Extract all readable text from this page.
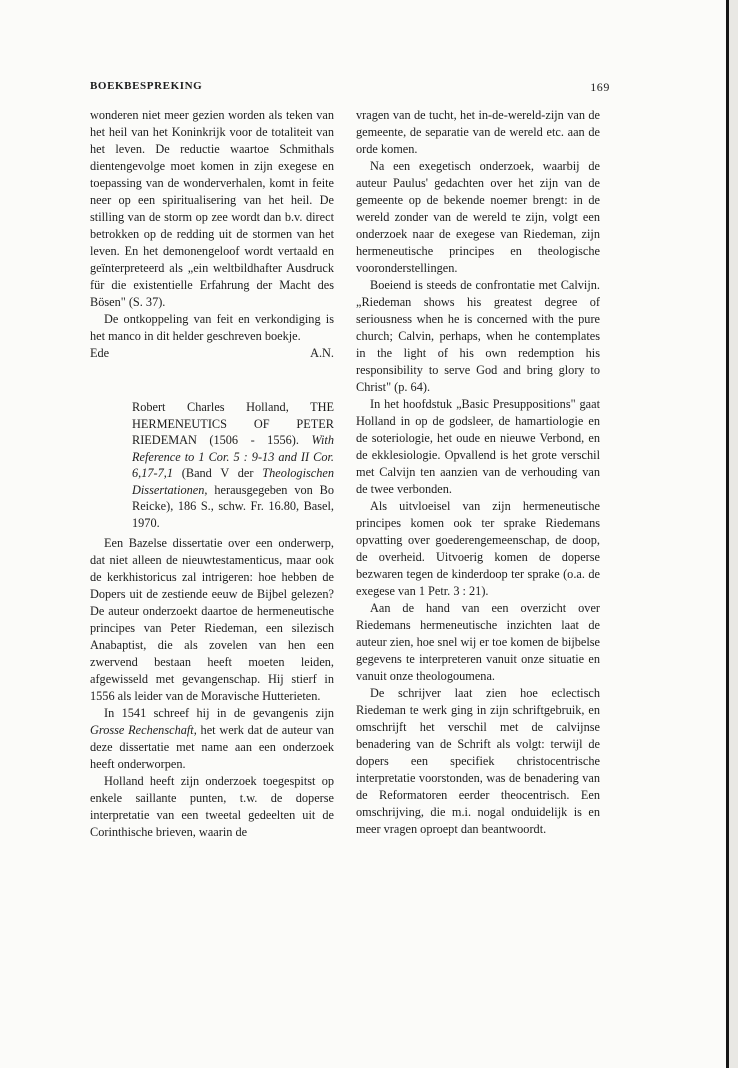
BOEKBESPREKING	169

wonderen niet meer gezien worden als teken van het heil van het Koninkrijk voor de totaliteit van het leven. De reductie waartoe Schmithals dientengevolge moet komen in zijn exegese en toepassing van de wonderverhalen, komt in feite neer op een spiritualisering van het heil. De stilling van de storm op zee wordt dan b.v. direct betrokken op de redding uit de stormen van het leven. En het demonengeloof wordt vertaald en geïnterpreteerd als „ein weltbildhafter Ausdruck für die existentielle Erfahrung der Macht des Bösen" (S. 37).

De ontkoppeling van feit en verkondiging is het manco in dit helder geschreven boekje.

Ede	A.N.
Robert Charles Holland, THE HERMENEUTICS OF PETER RIEDEMAN (1506 - 1556). With Reference to 1 Cor. 5 : 9-13 and II Cor. 6,17-7,1 (Band V der Theologischen Dissertationen, herausgegeben von Bo Reicke), 186 S., schw. Fr. 16.80, Basel, 1970.

Een Bazelse dissertatie over een onderwerp, dat niet alleen de nieuwtestamenticus, maar ook de kerkhistoricus zal intrigeren: hoe hebben de Dopers uit de zestiende eeuw de Bijbel gelezen? De auteur onderzoekt daartoe de hermeneutische principes van Peter Riedeman, een silezisch Anabaptist, die als zovelen van hen een zwervend bestaan heeft moeten leiden, afgewisseld met gevangenschap. Hij stierf in 1556 als leider van de Moravische Hutterieten.

In 1541 schreef hij in de gevangenis zijn Grosse Rechenschaft, het werk dat de auteur van deze dissertatie met name aan een onderzoek heeft onderworpen.

Holland heeft zijn onderzoek toegespitst op enkele saillante punten, t.w. de doperse interpretatie van een tweetal gedeelten uit de Corinthische brieven, waarin de

vragen van de tucht, het in-de-wereld-zijn van de gemeente, de separatie van de wereld etc. aan de orde komen.

Na een exegetisch onderzoek, waarbij de auteur Paulus' gedachten over het zijn van de gemeente op de bekende noemer brengt: in de wereld zonder van de wereld te zijn, volgt een onderzoek naar de exegese van Riedeman, zijn hermeneutische principes en theologische vooronderstellingen.

Boeiend is steeds de confrontatie met Calvijn. „Riedeman shows his greatest degree of seriousness when he is concerned with the pure church; Calvin, perhaps, when he contemplates in the light of his own redemption his responsibility to serve God and bring glory to Christ" (p. 64).

In het hoofdstuk „Basic Presuppositions" gaat Holland in op de godsleer, de hamartiologie en de soteriologie, het oude en nieuwe Verbond, en de ekklesiologie. Opvallend is het grote verschil met Calvijn ten aanzien van de verhouding van de twee verbonden.

Als uitvloeisel van zijn hermeneutische principes komen ook ter sprake Riedemans opvatting over goederengemeenschap, de doop, de overheid. Uitvoerig komen de doperse bezwaren tegen de kinderdoop ter sprake (o.a. de exegese van 1 Petr. 3 : 21).

Aan de hand van een overzicht over Riedemans hermeneutische inzichten laat de auteur zien, hoe snel wij er toe komen de bijbelse gegevens te interpreteren vanuit onze situatie en vanuit onze theologoumena.

De schrijver laat zien hoe eclectisch Riedeman te werk ging in zijn schriftgebruik, en omschrijft het verschil met de calvijnse benadering van de Schrift als volgt: terwijl de dopers een specifiek christocentrische interpretatie voorstonden, was de benadering van de Reformatoren eerder theocentrisch. Een omschrijving, die m.i. nogal onduidelijk is en meer vragen oproept dan beantwoordt.
